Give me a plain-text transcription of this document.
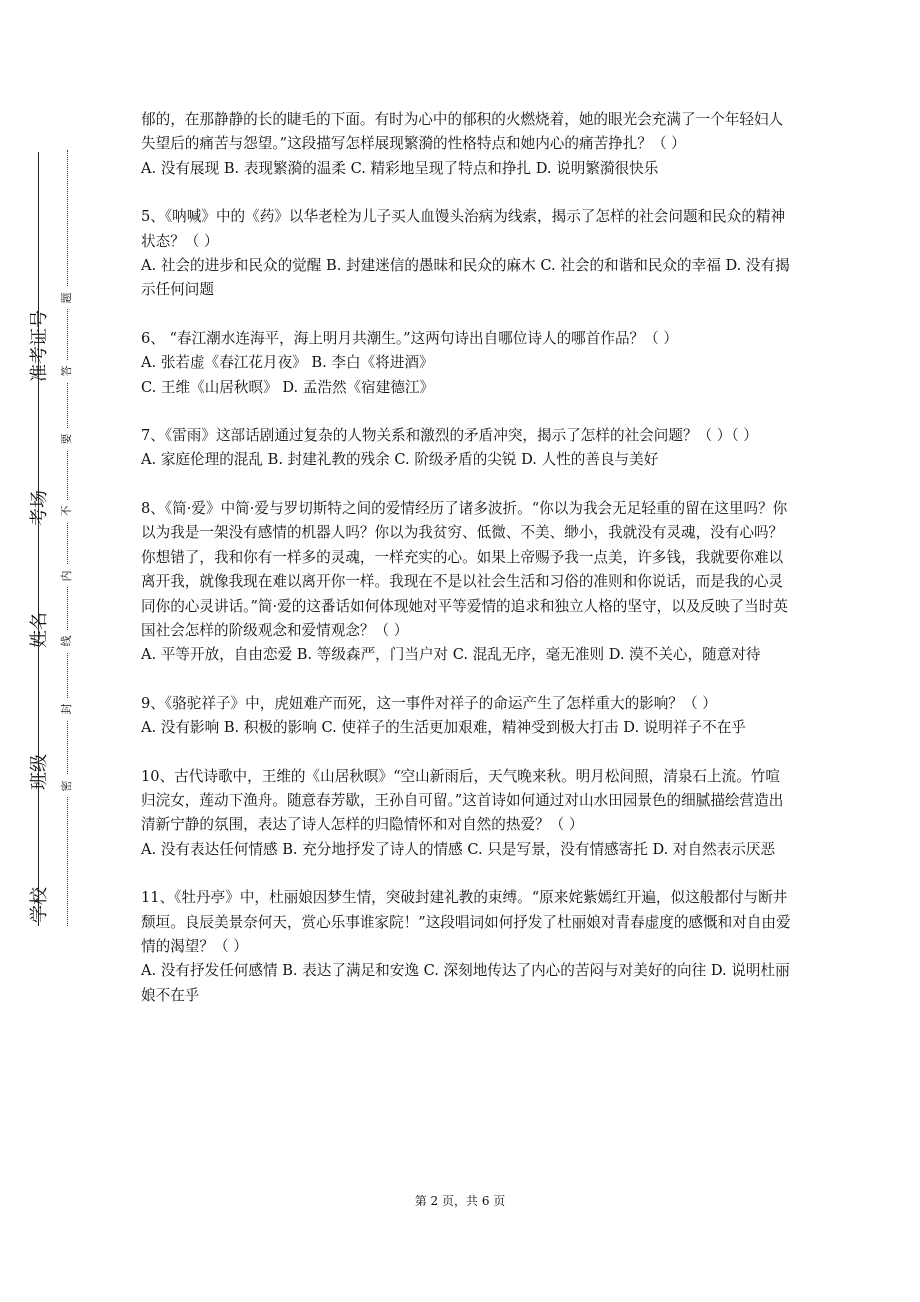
学校
班级
姓名
考场
准考证号
密
封
线
内
不
要
答
题

郁的，在那静静的长的睫毛的下面。有时为心中的郁积的火燃烧着，她的眼光会充满了一个年轻妇人失望后的痛苦与怨望。”这段描写怎样展现繁漪的性格特点和她内心的痛苦挣扎？（ ）

A. 没有展现 B. 表现繁漪的温柔 C. 精彩地呈现了特点和挣扎 D. 说明繁漪很快乐

5、《呐喊》中的《药》以华老栓为儿子买人血馒头治病为线索，揭示了怎样的社会问题和民众的精神状态？（ ）

A. 社会的进步和民众的觉醒 B. 封建迷信的愚昧和民众的麻木 C. 社会的和谐和民众的幸福 D. 没有揭示任何问题

6、 “春江潮水连海平，海上明月共潮生。”这两句诗出自哪位诗人的哪首作品？（ ）

A. 张若虚《春江花月夜》 B. 李白《将进酒》
C. 王维《山居秋暝》 D. 孟浩然《宿建德江》

7、《雷雨》这部话剧通过复杂的人物关系和激烈的矛盾冲突，揭示了怎样的社会问题？（ ）（ ）

A. 家庭伦理的混乱 B. 封建礼教的残余 C. 阶级矛盾的尖锐 D. 人性的善良与美好

8、《简·爱》中简·爱与罗切斯特之间的爱情经历了诸多波折。“你以为我会无足轻重的留在这里吗？你以为我是一架没有感情的机器人吗？你以为我贫穷、低微、不美、缈小，我就没有灵魂，没有心吗？你想错了，我和你有一样多的灵魂，一样充实的心。如果上帝赐予我一点美，许多钱，我就要你难以离开我，就像我现在难以离开你一样。我现在不是以社会生活和习俗的准则和你说话，而是我的心灵同你的心灵讲话。”简·爱的这番话如何体现她对平等爱情的追求和独立人格的坚守，以及反映了当时英国社会怎样的阶级观念和爱情观念？（ ）

A. 平等开放，自由恋爱 B. 等级森严，门当户对 C. 混乱无序，毫无准则 D. 漠不关心，随意对待

9、《骆驼祥子》中，虎妞难产而死，这一事件对祥子的命运产生了怎样重大的影响？（ ）

A. 没有影响 B. 积极的影响 C. 使祥子的生活更加艰难，精神受到极大打击 D. 说明祥子不在乎

10、古代诗歌中，王维的《山居秋暝》“空山新雨后，天气晚来秋。明月松间照，清泉石上流。竹喧归浣女，莲动下渔舟。随意春芳歇，王孙自可留。”这首诗如何通过对山水田园景色的细腻描绘营造出清新宁静的氛围，表达了诗人怎样的归隐情怀和对自然的热爱？（ ）

A. 没有表达任何情感 B. 充分地抒发了诗人的情感 C. 只是写景，没有情感寄托 D. 对自然表示厌恶

11、《牡丹亭》中，杜丽娘因梦生情，突破封建礼教的束缚。“原来姹紫嫣红开遍，似这般都付与断井颓垣。良辰美景奈何天，赏心乐事谁家院！”这段唱词如何抒发了杜丽娘对青春虚度的感慨和对自由爱情的渴望？（ ）

A. 没有抒发任何感情 B. 表达了满足和安逸 C. 深刻地传达了内心的苦闷与对美好的向往 D. 说明杜丽娘不在乎

第 2 页，共 6 页
